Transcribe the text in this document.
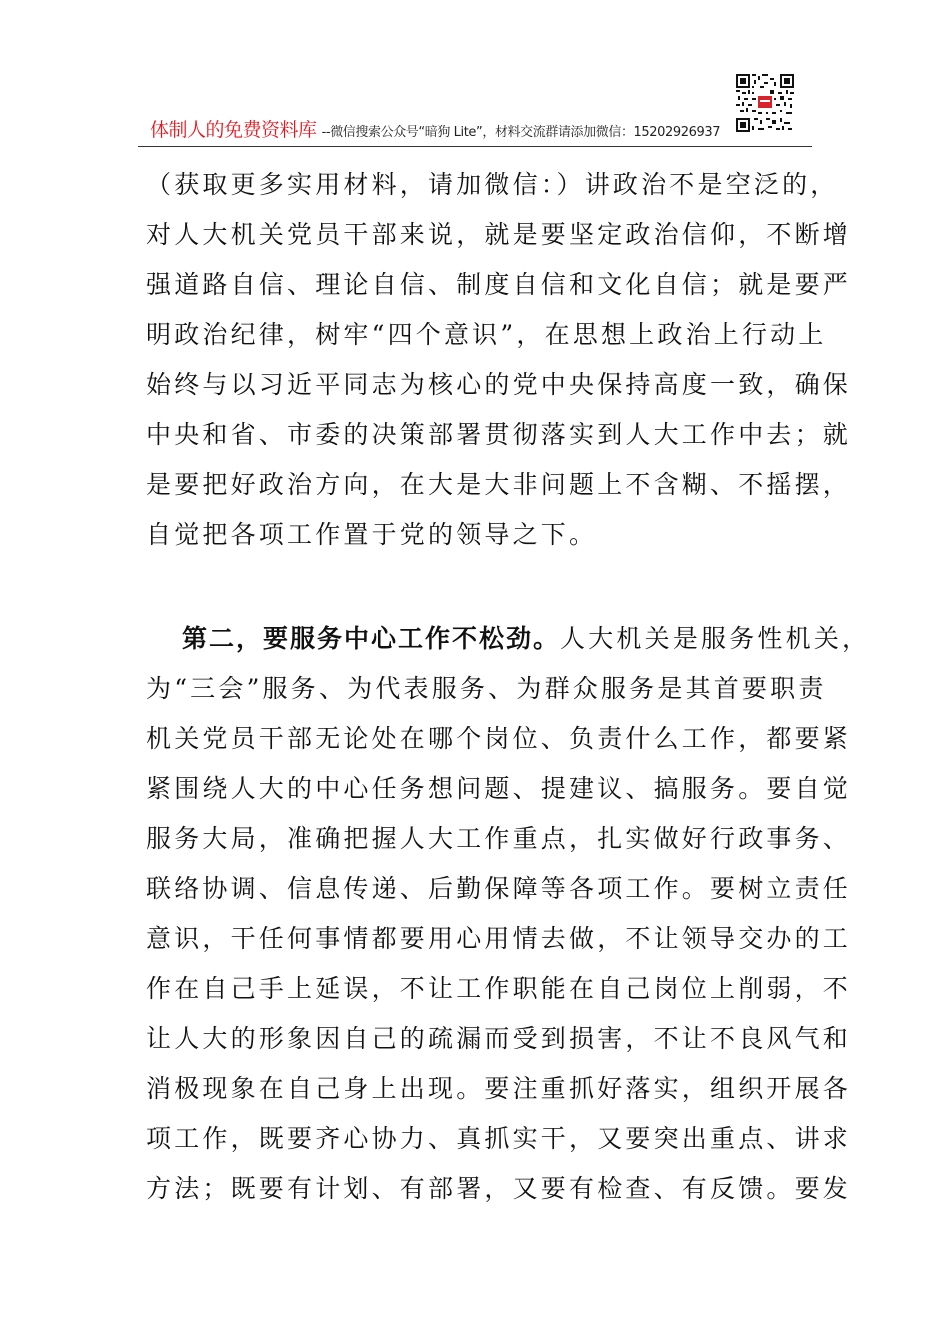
体制人的免费资料库 --微信搜索公众号“暗狗 Lite”，材料交流群请添加微信：15202926937
（获取更多实用材料，请加微信：）讲政治不是空泛的，
对人大机关党员干部来说，就是要坚定政治信仰，不断增
强道路自信、理论自信、制度自信和文化自信；就是要严
明政治纪律，树牢“四个意识”，在思想上政治上行动上
始终与以习近平同志为核心的党中央保持高度一致，确保
中央和省、市委的决策部署贯彻落实到人大工作中去；就
是要把好政治方向，在大是大非问题上不含糊、不摇摆，
自觉把各项工作置于党的领导之下。
第二，要服务中心工作不松劲。人大机关是服务性机关，
为“三会”服务、为代表服务、为群众服务是其首要职责
机关党员干部无论处在哪个岗位、负责什么工作，都要紧
紧围绕人大的中心任务想问题、提建议、搞服务。要自觉
服务大局，准确把握人大工作重点，扎实做好行政事务、
联络协调、信息传递、后勤保障等各项工作。要树立责任
意识，干任何事情都要用心用情去做，不让领导交办的工
作在自己手上延误，不让工作职能在自己岗位上削弱，不
让人大的形象因自己的疏漏而受到损害，不让不良风气和
消极现象在自己身上出现。要注重抓好落实，组织开展各
项工作，既要齐心协力、真抓实干，又要突出重点、讲求
方法；既要有计划、有部署，又要有检查、有反馈。要发
